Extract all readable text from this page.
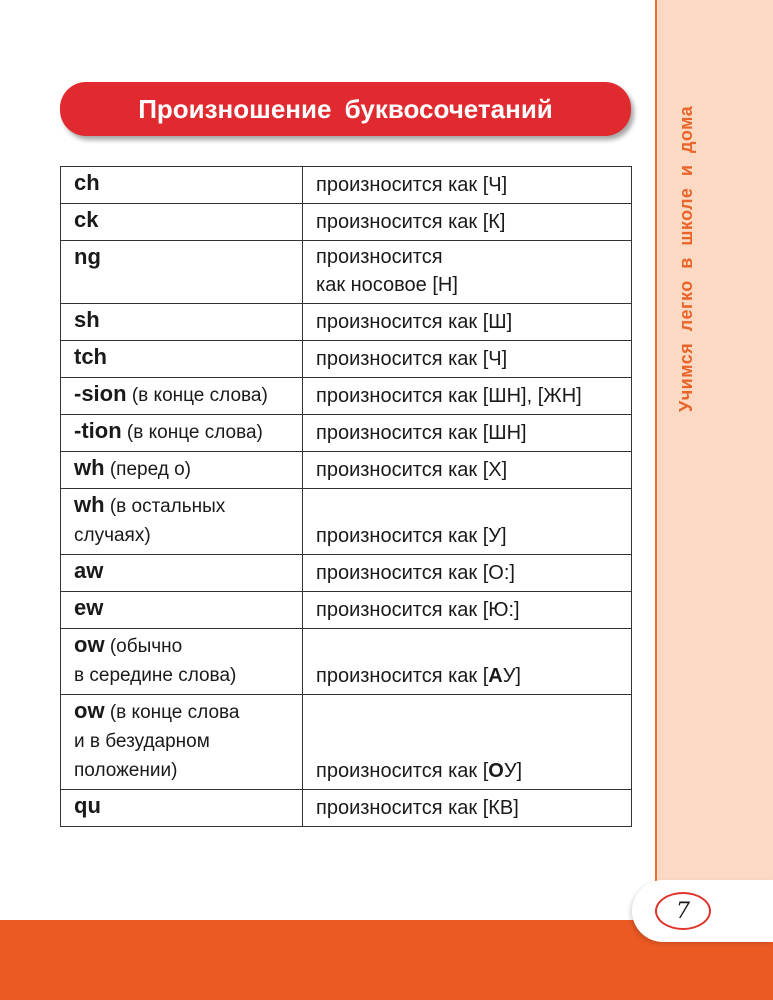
Учимся легко в школе и дома
7
Произношение буквосочетаний
ch	произносится как [Ч]
ck	произносится как [К]
ng	произносится
как носовое [Н]
sh	произносится как [Ш]
tch	произносится как [Ч]
-sion (в конце слова)	произносится как [ШН], [ЖН]
-tion (в конце слова)	произносится как [ШН]
wh (перед o)	произносится как [Х]
wh (в остальных
случаях)	произносится как [У]
aw	произносится как [О:]
ew	произносится как [Ю:]
ow (обычно
в середине слова)	произносится как [АУ]
ow (в конце слова
и в безударном
положении)	произносится как [ОУ]
qu	произносится как [КВ]
